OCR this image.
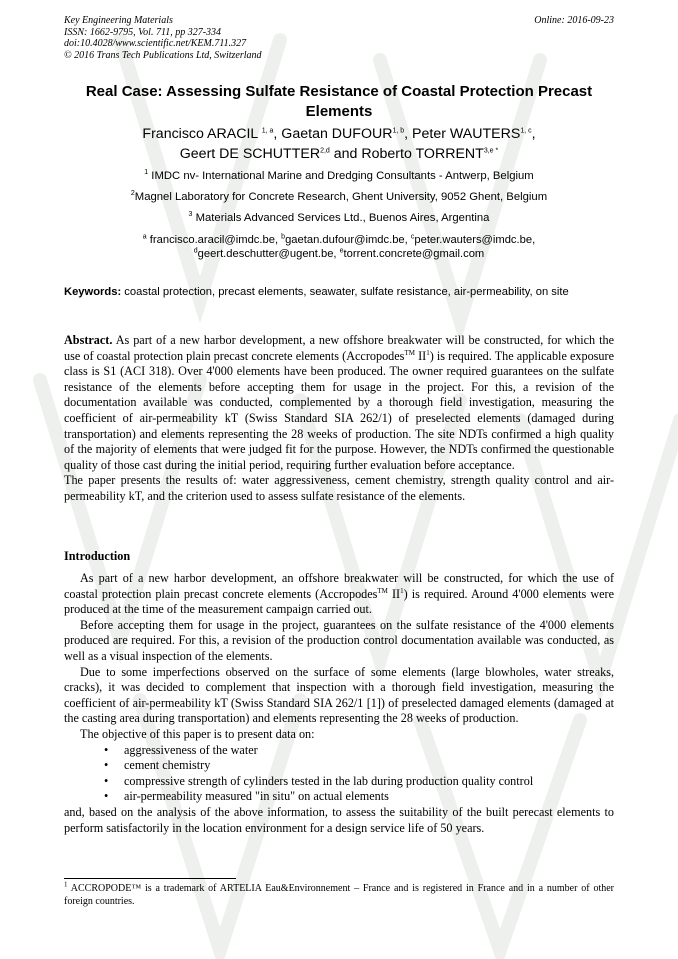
Key Engineering Materials
ISSN: 1662-9795, Vol. 711, pp 327-334
doi:10.4028/www.scientific.net/KEM.711.327
© 2016 Trans Tech Publications Ltd, Switzerland
Online: 2016-09-23
Real Case: Assessing Sulfate Resistance of Coastal Protection Precast
Elements
Francisco ARACIL $^{1, a}$, Gaetan DUFOUR$^{1, b}$, Peter WAUTERS$^{1, c}$,
Geert DE SCHUTTER$^{2,d}$ and Roberto $TORRENT^{3,e *}$
$^1$ IMDC nv- International Marine and Dredging Consultants - Antwerp, Belgium
$^2$Magnel Laboratory for Concrete Research, Ghent University, 9052 Ghent, Belgium
$^3$ Materials Advanced Services Ltd., Buenos Aires, Argentina
$^a$ francisco.aracil@imdc.be, $^b$gaetan.dufour@imdc.be, $^c$peter.wauters@imdc.be,
$^d$geert.deschutter@ugent.be, $^e$torrent.concrete@gmail.com
Keywords: coastal protection, precast elements, seawater, sulfate resistance, air-permeability, on site

Abstract. As part of a new harbor development, a new offshore breakwater will be constructed, for which the use of coastal protection plain precast concrete elements (Accropodes™ $II^1$) is required. The applicable exposure class is S1 (ACI 318). Over 4'000 elements have been produced. The owner required guarantees on the sulfate resistance of the elements before accepting them for usage in the project. For this, a revision of the documentation available was conducted, complemented by a thorough field investigation, measuring the coefficient of air-permeability kT (Swiss Standard SIA 262/1) of preselected elements (damaged during transportation) and elements representing the 28 weeks of production. The site NDTs confirmed a high quality of the majority of elements that were judged fit for the purpose. However, the NDTs confirmed the questionable quality of those cast during the initial period, requiring further evaluation before acceptance.

The paper presents the results of: water aggressiveness, cement chemistry, strength quality control and air-permeability kT, and the criterion used to assess sulfate resistance of the elements.

Introduction

As part of a new harbor development, an offshore breakwater will be constructed, for which the use of coastal protection plain precast concrete elements (Accropodes™ $II^1$) is required. Around 4'000 elements were produced at the time of the measurement campaign carried out.

Before accepting them for usage in the project, guarantees on the sulfate resistance of the 4'000 elements produced are required. For this, a revision of the production control documentation available was conducted, as well as a visual inspection of the elements.

Due to some imperfections observed on the surface of some elements (large blowholes, water streaks, cracks), it was decided to complement that inspection with a thorough field investigation, measuring the coefficient of air-permeability kT (Swiss Standard SIA 262/1 [1]) of preselected damaged elements (damaged at the casting area during transportation) and elements representing the 28 weeks of production.

The objective of this paper is to present data on:

• aggressiveness of the water
• cement chemistry
• compressive strength of cylinders tested in the lab during production quality control
• air-permeability measured "in situ" on actual elements

and, based on the analysis of the above information, to assess the suitability of the built perecast elements to perform satisfactorily in the location environment for a design service life of 50 years.

$^1$ ACCROPODE™ is a trademark of ARTELIA Eau&Environnement – France and is registered in France and in a number of other foreign countries.
